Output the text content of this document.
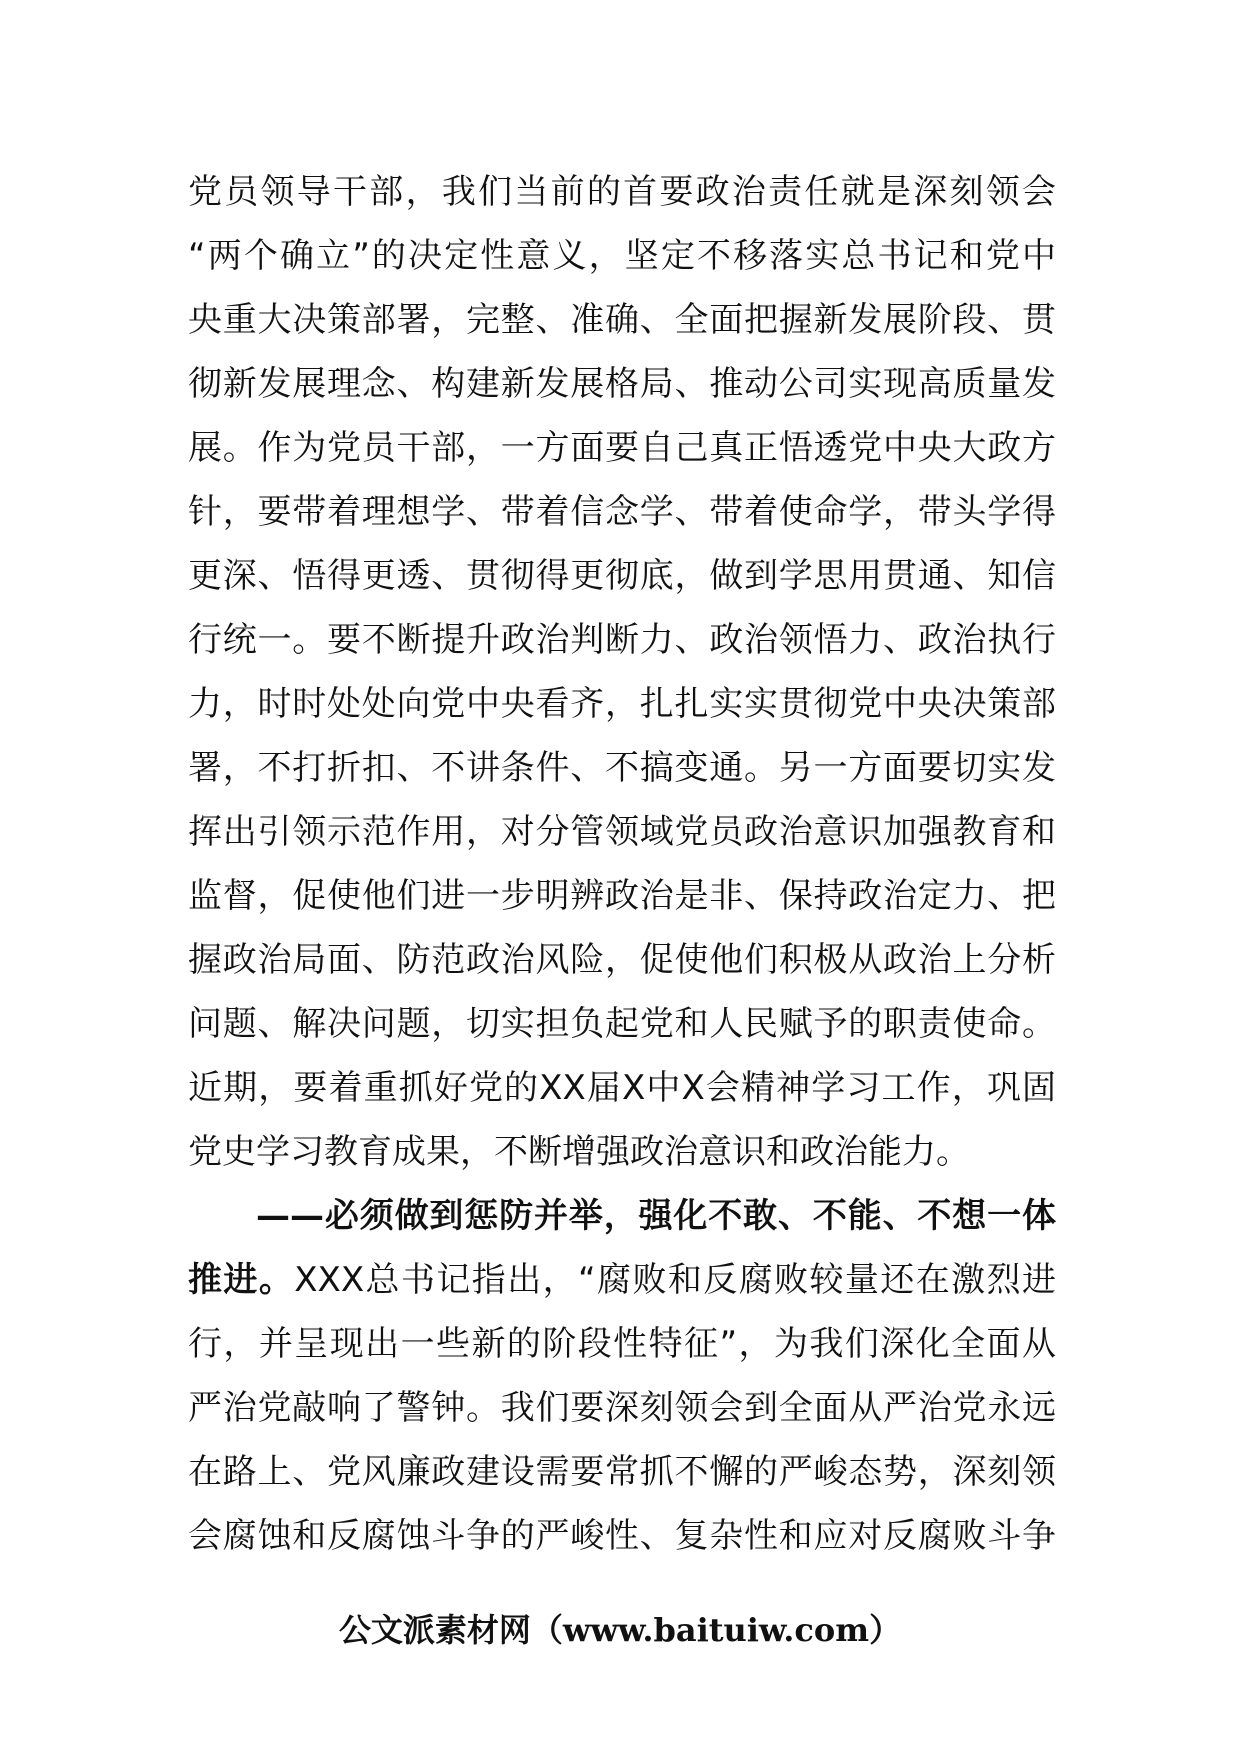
党员领导干部，我们当前的首要政治责任就是深刻领会
“两个确立”的决定性意义，坚定不移落实总书记和党中
央重大决策部署，完整、准确、全面把握新发展阶段、贯
彻新发展理念、构建新发展格局、推动公司实现高质量发
展。作为党员干部，一方面要自己真正悟透党中央大政方
针，要带着理想学、带着信念学、带着使命学，带头学得
更深、悟得更透、贯彻得更彻底，做到学思用贯通、知信
行统一。要不断提升政治判断力、政治领悟力、政治执行
力，时时处处向党中央看齐，扎扎实实贯彻党中央决策部
署，不打折扣、不讲条件、不搞变通。另一方面要切实发
挥出引领示范作用，对分管领域党员政治意识加强教育和
监督，促使他们进一步明辨政治是非、保持政治定力、把
握政治局面、防范政治风险，促使他们积极从政治上分析
问题、解决问题，切实担负起党和人民赋予的职责使命。
近期，要着重抓好党的XX届X中X会精神学习工作，巩固
党史学习教育成果，不断增强政治意识和政治能力。
——必须做到惩防并举，强化不敢、不能、不想一体
推进。XXX总书记指出，“腐败和反腐败较量还在激烈进
行，并呈现出一些新的阶段性特征”，为我们深化全面从
严治党敲响了警钟。我们要深刻领会到全面从严治党永远
在路上、党风廉政建设需要常抓不懈的严峻态势，深刻领
会腐蚀和反腐蚀斗争的严峻性、复杂性和应对反腐败斗争
公文派素材网（www.baituiw.com）
